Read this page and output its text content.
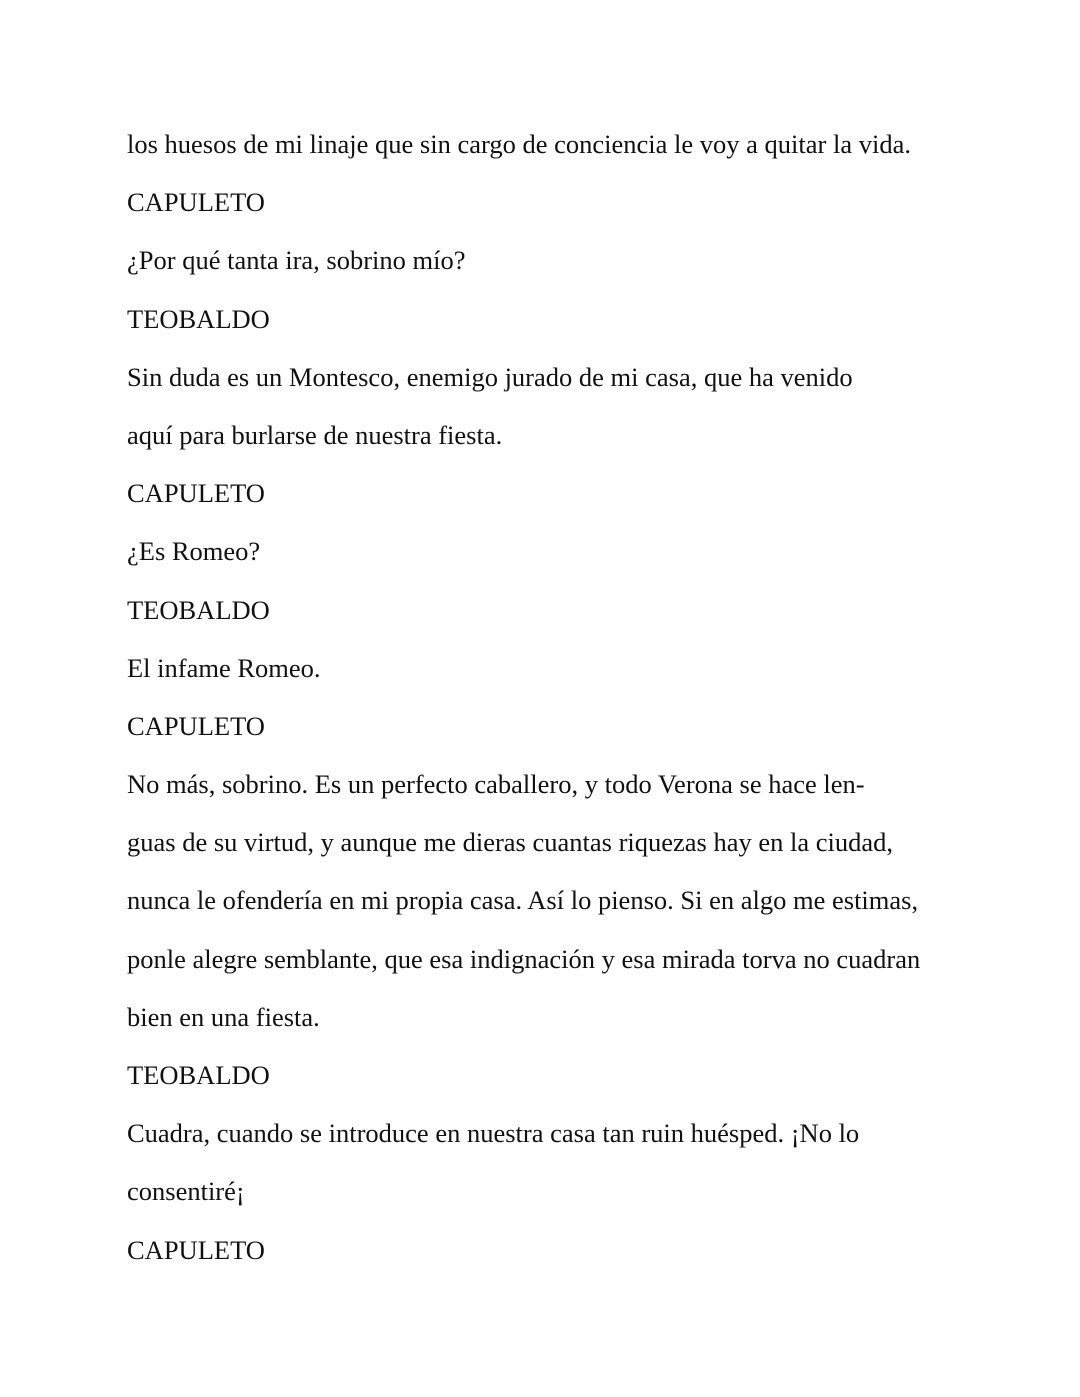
los huesos de mi linaje que sin cargo de conciencia le voy a quitar la vida.
CAPULETO
¿Por qué tanta ira, sobrino mío?
TEOBALDO
Sin duda es un Montesco, enemigo jurado de mi casa, que ha venido
aquí para burlarse de nuestra fiesta.
CAPULETO
¿Es Romeo?
TEOBALDO
El infame Romeo.
CAPULETO
No más, sobrino. Es un perfecto caballero, y todo Verona se hace len-
guas de su virtud, y aunque me dieras cuantas riquezas hay en la ciudad,
nunca le ofendería en mi propia casa. Así lo pienso. Si en algo me estimas,
ponle alegre semblante, que esa indignación y esa mirada torva no cuadran
bien en una fiesta.
TEOBALDO
Cuadra, cuando se introduce en nuestra casa tan ruin huésped. ¡No lo
consentiré¡
CAPULETO
